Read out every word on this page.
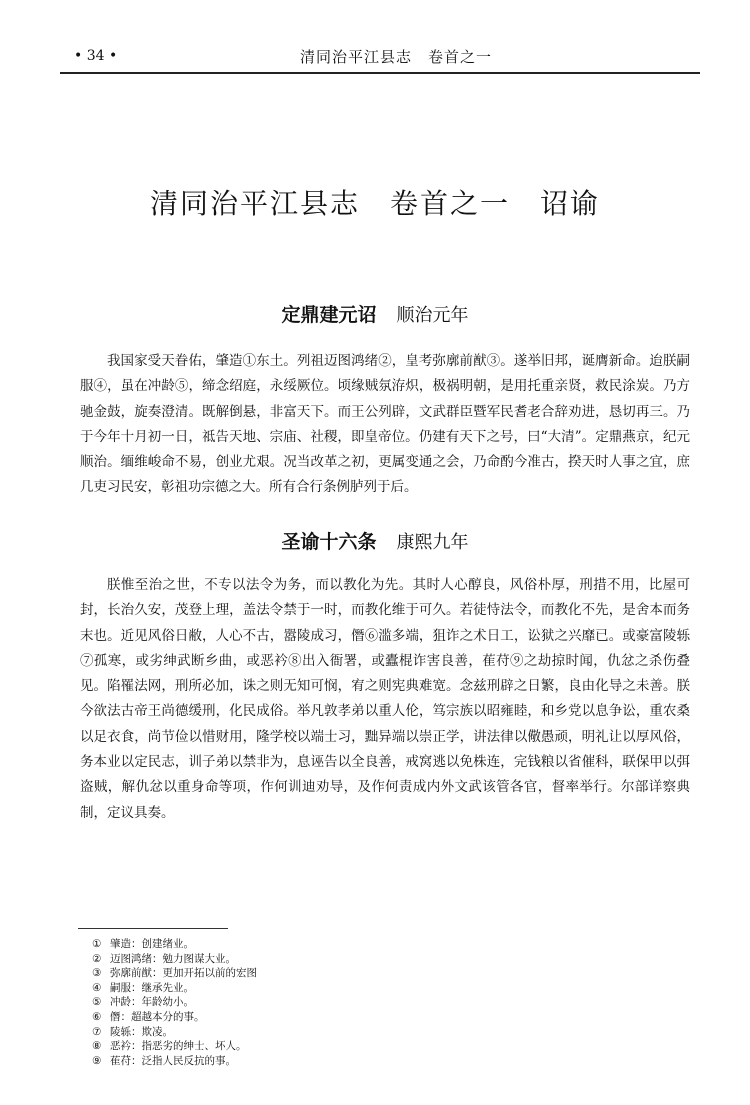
• 34 •	清同治平江县志　卷首之一
清同治平江县志　卷首之一　诏谕
定鼎建元诏 顺治元年

我国家受天眷佑，肇造①东土。列祖迈图鸿绪②，皇考弥廓前猷③。遂举旧邦，诞膺新命。迨朕嗣服④，虽在冲龄⑤，缔念绍庭，永绥厥位。顷缘贼氛洊炽，极祸明朝，是用托重亲贤，救民涂炭。乃方驰金鼓，旋奏澄清。既解倒悬，非富天下。而王公列辟，文武群臣暨军民耆老合辞劝进，恳切再三。乃于今年十月初一日，祗告天地、宗庙、社稷，即皇帝位。仍建有天下之号，曰“大清”。定鼎燕京，纪元顺治。缅维峻命不易，创业尤艰。况当改革之初，更属变通之会，乃命酌今准古，揆天时人事之宜，庶几吏习民安，彰祖功宗德之大。所有合行条例胪列于后。

圣谕十六条 康熙九年

朕惟至治之世，不专以法令为务，而以教化为先。其时人心醇良，风俗朴厚，刑措不用，比屋可封，长治久安，茂登上理，盖法令禁于一时，而教化维于可久。若徒恃法令，而教化不先，是舍本而务末也。近见风俗日敝，人心不古，嚣陵成习，僭⑥滥多端，狙诈之术日工，讼狱之兴靡已。或豪富陵轹⑦孤寒，或劣绅武断乡曲，或恶衿⑧出入衙署，或蠹棍诈害良善，萑苻⑨之劫掠时闻，仇忿之杀伤叠见。陷罹法网，刑所必加，诛之则无知可悯，宥之则宪典难宽。念兹刑辟之日繁，良由化导之未善。朕今欲法古帝王尚德缓刑，化民成俗。举凡敦孝弟以重人伦，笃宗族以昭雍睦，和乡党以息争讼，重农桑以足衣食，尚节俭以惜财用，隆学校以端士习，黜异端以崇正学，讲法律以儆愚顽，明礼让以厚风俗，务本业以定民志，训子弟以禁非为，息诬告以全良善，戒窝逃以免株连，完钱粮以省催科，联保甲以弭盗贼，解仇忿以重身命等项，作何训迪劝导，及作何责成内外文武该管各官，督率举行。尔部详察典制，定议具奏。

① 肇造：创建绪业。
② 迈图鸿绪：勉力图谋大业。
③ 弥廓前猷：更加开拓以前的宏图
④ 嗣服：继承先业。
⑤ 冲龄：年龄幼小。
⑥ 僭：超越本分的事。
⑦ 陵轹：欺凌。
⑧ 恶衿：指恶劣的绅士、坏人。
⑨ 萑苻：泛指人民反抗的事。
